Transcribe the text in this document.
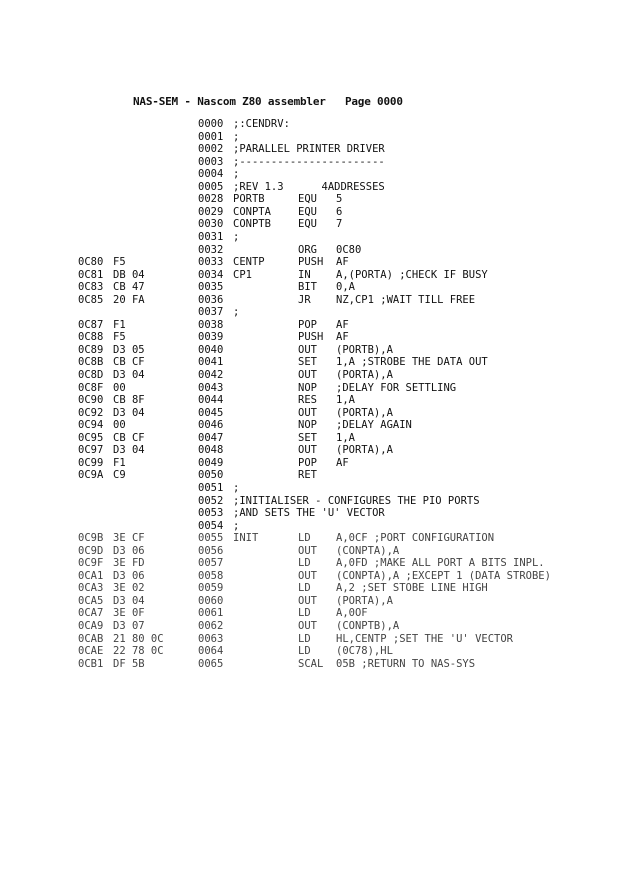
NAS-SEM - Nascom Z80 assembler   Page 0000
0000 ;:CENDRV:
0001 ;
0002 ;PARALLEL PRINTER DRIVER
0003 ;-----------------------
0004 ;
0005 ;REV 1.3      4ADDRESSES
0028 PORTB	EQU 5
0029 CONPTA	EQU 6
0030 CONPTB	EQU 7
0031 ;
0032	ORG 0C80
0C80 F5	0033 CENTP	PUSH AF
0C81 DB 04	0034 CP1	IN A,(PORTA) ;CHECK IF BUSY
0C83 CB 47	0035	BIT 0,A
0C85 20 FA	0036	JR NZ,CP1 ;WAIT TILL FREE
0037 ;
0C87 F1	0038	POP AF
0C88 F5	0039	PUSH AF
0C89 D3 05	0040	OUT (PORTB),A
0C8B CB CF	0041	SET 1,A ;STROBE THE DATA OUT
0C8D D3 04	0042	OUT (PORTA),A
0C8F 00	0043	NOP ;DELAY FOR SETTLING
0C90 CB 8F	0044	RES 1,A
0C92 D3 04	0045	OUT (PORTA),A
0C94 00	0046	NOP ;DELAY AGAIN
0C95 CB CF	0047	SET 1,A
0C97 D3 04	0048	OUT (PORTA),A
0C99 F1	0049	POP AF
0C9A C9	0050	RET
0051 ;
0052 ;INITIALISER - CONFIGURES THE PIO PORTS
0053 ;AND SETS THE 'U' VECTOR
0054 ;
0C9B 3E CF	0055 INIT	LD A,0CF ;PORT CONFIGURATION
0C9D D3 06	0056	OUT (CONPTA),A
0C9F 3E FD	0057	LD A,0FD ;MAKE ALL PORT A BITS INPL.
0CA1 D3 06	0058	OUT (CONPTA),A ;EXCEPT 1 (DATA STROBE)
0CA3 3E 02	0059	LD A,2 ;SET STOBE LINE HIGH
0CA5 D3 04	0060	OUT (PORTA),A
0CA7 3E 0F	0061	LD A,0OF
0CA9 D3 07	0062	OUT (CONPTB),A
0CAB 21 80 0C	0063	LD HL,CENTP ;SET THE 'U' VECTOR
0CAE 22 78 0C	0064	LD (0C78),HL
0CB1 DF 5B	0065	SCAL 05B ;RETURN TO NAS-SYS
